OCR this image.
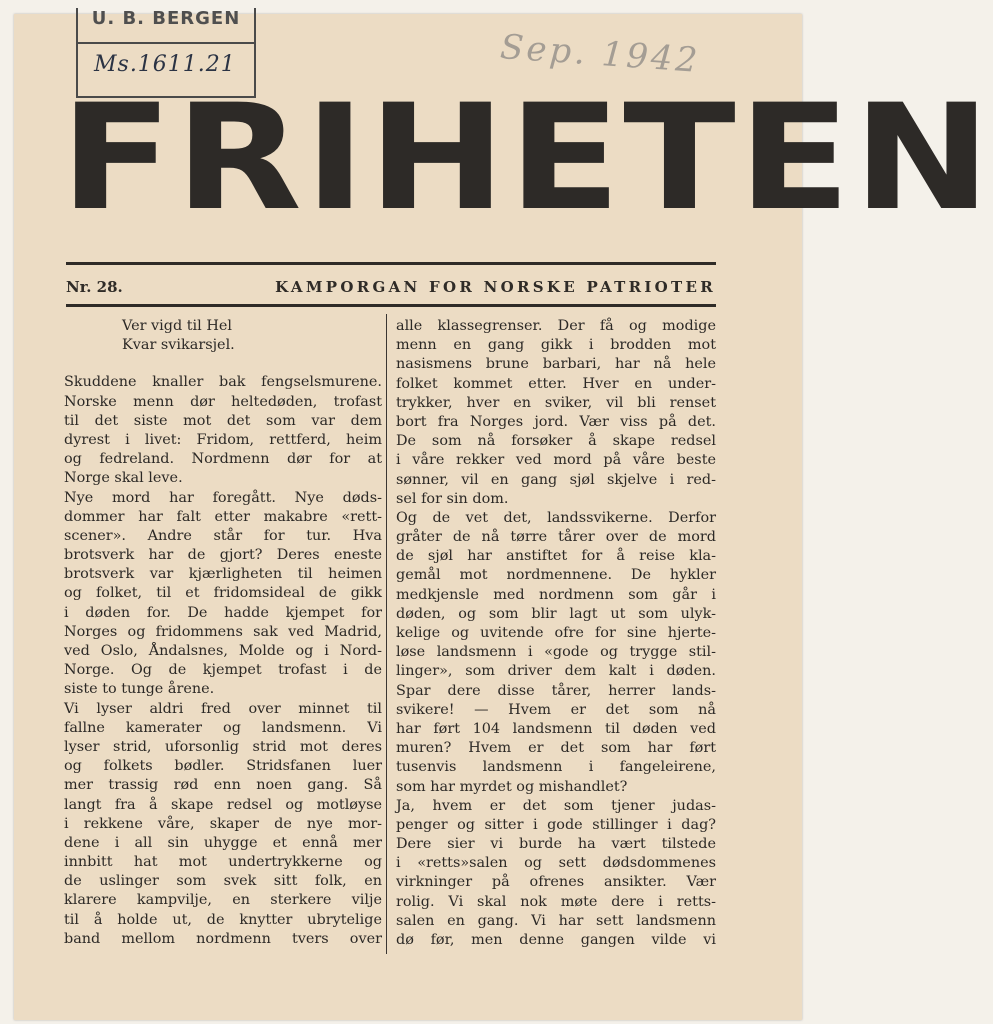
U. B. BERGEN
Ms.1611.21	Sep. 1942
FRIHETEN
Nr. 28.	KAMPORGAN FOR NORSKE PATRIOTER
Ver vigd til Hel
Kvar svikarsjel.
Skuddene knaller bak fengselsmurene.
Norske menn dør heltedøden, trofast
til det siste mot det som var dem
dyrest i livet: Fridom, rettferd, heim
og fedreland. Nordmenn dør for at
Norge skal leve.
Nye mord har foregått. Nye døds-
dommer har falt etter makabre «rett-
scener». Andre står for tur. Hva
brotsverk har de gjort? Deres eneste
brotsverk var kjærligheten til heimen
og folket, til et fridomsideal de gikk
i døden for. De hadde kjempet for
Norges og fridommens sak ved Madrid,
ved Oslo, Åndalsnes, Molde og i Nord-
Norge. Og de kjempet trofast i de
siste to tunge årene.
Vi lyser aldri fred over minnet til
fallne kamerater og landsmenn. Vi
lyser strid, uforsonlig strid mot deres
og folkets bødler. Stridsfanen luer
mer trassig rød enn noen gang. Så
langt fra å skape redsel og motløyse
i rekkene våre, skaper de nye mor-
dene i all sin uhygge et ennå mer
innbitt hat mot undertrykkerne og
de uslinger som svek sitt folk, en
klarere kampvilje, en sterkere vilje
til å holde ut, de knytter ubrytelige
band mellom nordmenn tvers over
alle klassegrenser. Der få og modige
menn en gang gikk i brodden mot
nasismens brune barbari, har nå hele
folket kommet etter. Hver en under-
trykker, hver en sviker, vil bli renset
bort fra Norges jord. Vær viss på det.
De som nå forsøker å skape redsel
i våre rekker ved mord på våre beste
sønner, vil en gang sjøl skjelve i red-
sel for sin dom.
Og de vet det, landssvikerne. Derfor
gråter de nå tørre tårer over de mord
de sjøl har anstiftet for å reise kla-
gemål mot nordmennene. De hykler
medkjensle med nordmenn som går i
døden, og som blir lagt ut som ulyk-
kelige og uvitende ofre for sine hjerte-
løse landsmenn i «gode og trygge stil-
linger», som driver dem kalt i døden.
Spar dere disse tårer, herrer lands-
svikere! — Hvem er det som nå
har ført 104 landsmenn til døden ved
muren? Hvem er det som har ført
tusenvis landsmenn i fangeleirene,
som har myrdet og mishandlet?
Ja, hvem er det som tjener judas-
penger og sitter i gode stillinger i dag?
Dere sier vi burde ha vært tilstede
i «retts»salen og sett dødsdommenes
virkninger på ofrenes ansikter. Vær
rolig. Vi skal nok møte dere i retts-
salen en gang. Vi har sett landsmenn
dø før, men denne gangen vilde vi
